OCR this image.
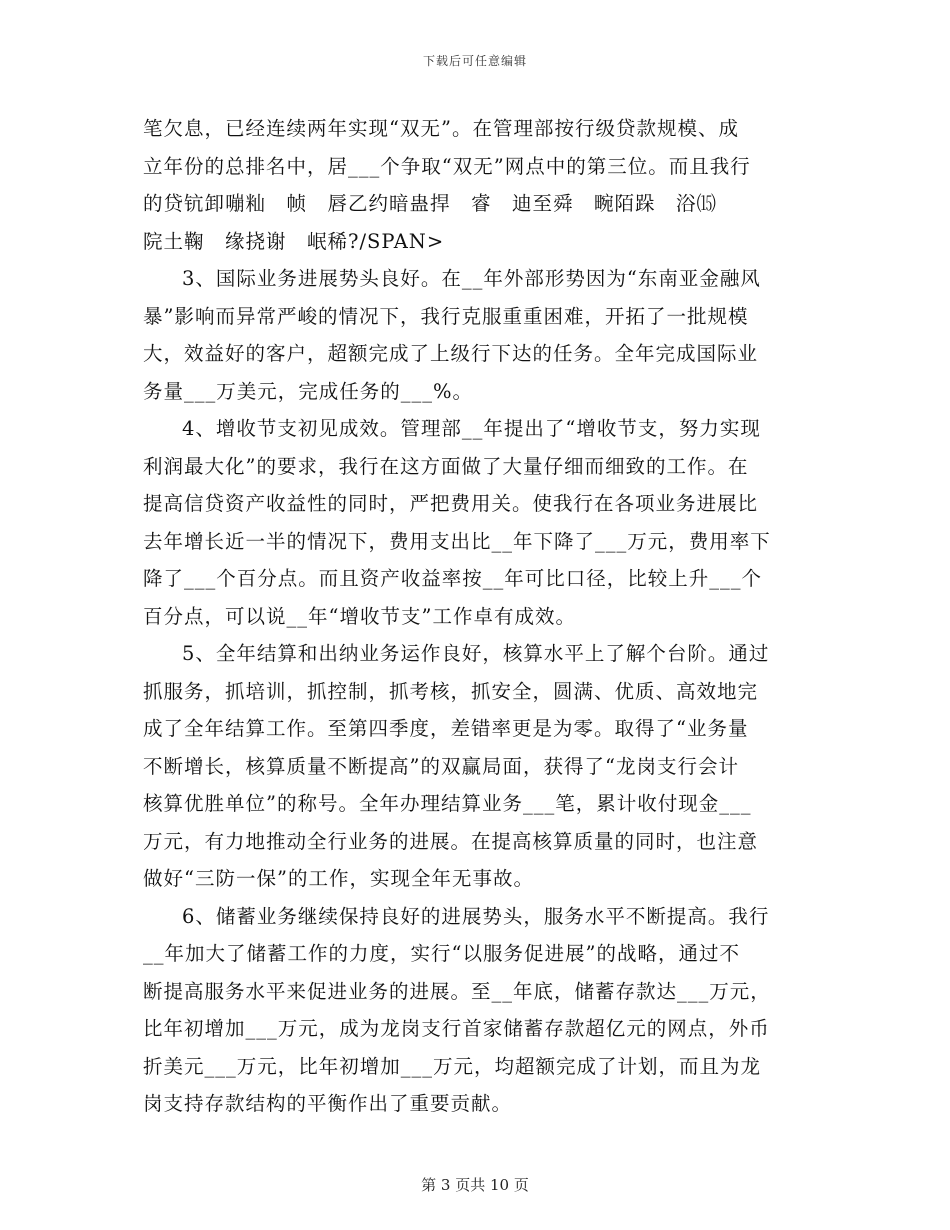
下载后可任意编辑
笔欠息，已经连续两年实现“双无”。在管理部按行级贷款规模、成
立年份的总排名中，居___个争取“双无”网点中的第三位。而且我行
的贷钪卸嘣籼　帧　唇乙约暗蛊捍　睿　迪至舜　畹陌跺　浴⒂
院土鞠　缘挠谢　岷稀?/SPAN>
3、国际业务进展势头良好。在__年外部形势因为“东南亚金融风
暴”影响而异常严峻的情况下，我行克服重重困难，开拓了一批规模
大，效益好的客户，超额完成了上级行下达的任务。全年完成国际业
务量___万美元，完成任务的___%。
4、增收节支初见成效。管理部__年提出了“增收节支，努力实现
利润最大化”的要求，我行在这方面做了大量仔细而细致的工作。在
提高信贷资产收益性的同时，严把费用关。使我行在各项业务进展比
去年增长近一半的情况下，费用支出比__年下降了___万元，费用率下
降了___个百分点。而且资产收益率按__年可比口径，比较上升___个
百分点，可以说__年“增收节支”工作卓有成效。
5、全年结算和出纳业务运作良好，核算水平上了解个台阶。通过
抓服务，抓培训，抓控制，抓考核，抓安全，圆满、优质、高效地完
成了全年结算工作。至第四季度，差错率更是为零。取得了“业务量
不断增长，核算质量不断提高”的双赢局面，获得了“龙岗支行会计
核算优胜单位”的称号。全年办理结算业务___笔，累计收付现金___
万元，有力地推动全行业务的进展。在提高核算质量的同时，也注意
做好“三防一保”的工作，实现全年无事故。
6、储蓄业务继续保持良好的进展势头，服务水平不断提高。我行
__年加大了储蓄工作的力度，实行“以服务促进展”的战略，通过不
断提高服务水平来促进业务的进展。至__年底，储蓄存款达___万元，
比年初增加___万元，成为龙岗支行首家储蓄存款超亿元的网点，外币
折美元___万元，比年初增加___万元，均超额完成了计划，而且为龙
岗支持存款结构的平衡作出了重要贡献。
第 3 页共 10 页
